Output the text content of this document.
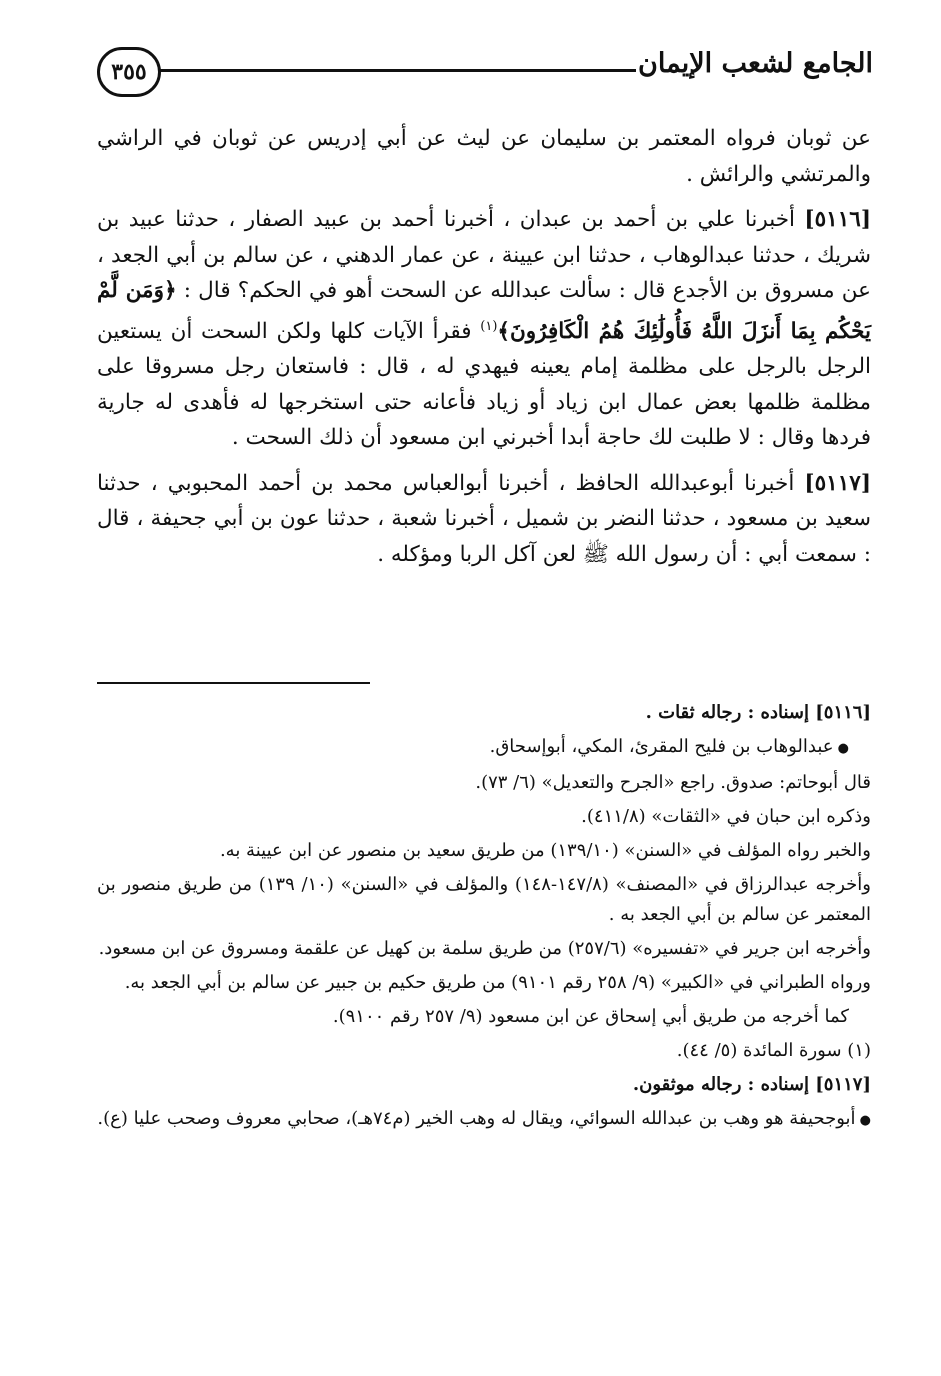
الجامع لشعب الإيمان
٣٥٥

عن ثوبان فرواه المعتمر بن سليمان عن ليث عن أبي إدريس عن ثوبان في الراشي والمرتشي والرائش .

[٥١١٦] أخبرنا علي بن أحمد بن عبدان ، أخبرنا أحمد بن عبيد الصفار ، حدثنا عبيد بن شريك ، حدثنا عبدالوهاب ، حدثنا ابن عيينة ، عن عمار الدهني ، عن سالم بن أبي الجعد ، عن مسروق بن الأجدع قال : سألت عبدالله عن السحت أهو في الحكم؟ قال : ﴿وَمَن لَّمْ يَحْكُم بِمَا أَنزَلَ اللَّهُ فَأُولَٰئِكَ هُمُ الْكَافِرُونَ﴾$^{(١)}$ فقرأ الآيات كلها ولكن السحت أن يستعين الرجل بالرجل على مظلمة إمام يعينه فيهدي له ، قال : فاستعان رجل مسروقا على مظلمة ظلمها بعض عمال ابن زياد أو زياد فأعانه حتى استخرجها له فأهدى له جارية فردها وقال : لا طلبت لك حاجة أبدا أخبرني ابن مسعود أن ذلك السحت .

[٥١١٧] أخبرنا أبوعبدالله الحافظ ، أخبرنا أبوالعباس محمد بن أحمد المحبوبي ، حدثنا سعيد بن مسعود ، حدثنا النضر بن شميل ، أخبرنا شعبة ، حدثنا عون بن أبي جحيفة ، قال : سمعت أبي : أن رسول الله ﷺ لعن آكل الربا ومؤكله .

[٥١١٦] إسناده : رجاله ثقات .

● عبدالوهاب بن فليح المقرئ، المكي، أبوإسحاق.

قال أبوحاتم: صدوق. راجع «الجرح والتعديل» (٦/ ٧٣).

وذكره ابن حبان في «الثقات» (٤١١/٨).

والخبر رواه المؤلف في «السنن» (١٣٩/١٠) من طريق سعيد بن منصور عن ابن عيينة به.

وأخرجه عبدالرزاق في «المصنف» (١٤٧/٨-١٤٨) والمؤلف في «السنن» (١٠/ ١٣٩) من طريق منصور بن المعتمر عن سالم بن أبي الجعد به .

وأخرجه ابن جرير في «تفسيره» (٢٥٧/٦) من طريق سلمة بن كهيل عن علقمة ومسروق عن ابن مسعود.

ورواه الطبراني في «الكبير» (٩/ ٢٥٨ رقم ٩١٠١) من طريق حكيم بن جبير عن سالم بن أبي الجعد به.

كما أخرجه من طريق أبي إسحاق عن ابن مسعود (٩/ ٢٥٧ رقم ٩١٠٠).

(١) سورة المائدة (٥/ ٤٤).

[٥١١٧] إسناده : رجاله موثقون.

● أبوجحيفة هو وهب بن عبدالله السوائي، ويقال له وهب الخير (م٧٤هـ)، صحابي معروف وصحب عليا (ع).
